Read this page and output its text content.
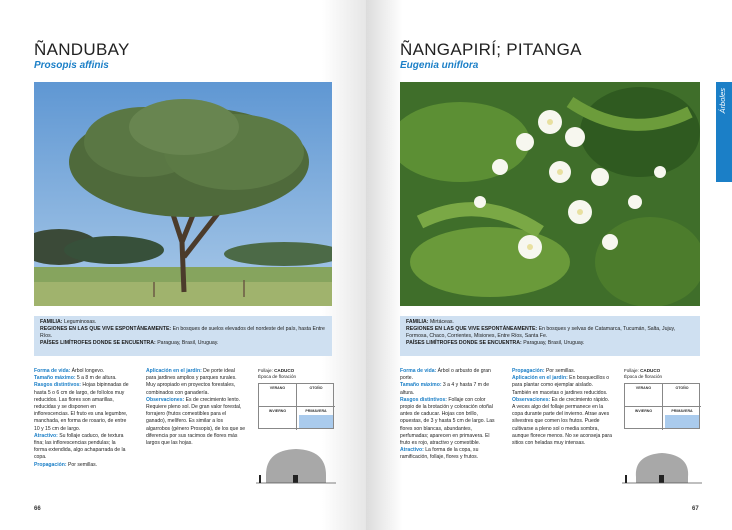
ÑANDUBAY
Prosopis affinis
FAMILIA: Leguminosas.
REGIONES EN LAS QUE VIVE ESPONTÁNEAMENTE: En bosques de suelos elevados del nordeste del país, hasta Entre Ríos.
PAÍSES LIMÍTROFES DONDE SE ENCUENTRA: Paraguay, Brasil, Uruguay.
Forma de vida: Árbol longevo.
Tamaño máximo: 5 a 8 m de altura.
Rasgos distintivos: Hojas bipinnadas de hasta 5 o 6 cm de largo, de folíolos muy reducidos. Las flores son amarillas, reducidas y se disponen en inflorescencias. El fruto es una legumbre, manchada, en forma de rosario, de entre 10 y 15 cm de largo.
Atractivo: Su follaje caduco, de textura fina; las inflorescencias pendulas; la forma extendida, algo achaparrada de la copa.
Propagación: Por semillas.
Aplicación en el jardín: De porte ideal para jardines amplios y parques rurales. Muy apropiado en proyectos forestales, combinados con ganadería.
Observaciones: Es de crecimiento lento. Requiere pleno sol. De gran valor forestal, forrajero (frutos comestibles para el ganado), melífero. Es similar a los algarrobos (género Prosopis), de los que se diferencia por sus racimos de flores más largos que las hojas.
Follaje: CADUCO
Época de floración
VERANO	OTOÑO
INVIERNO	PRIMAVERA
66
ÑANGAPIRÍ; PITANGA
Eugenia uniflora
FAMILIA: Mirtáceas.
REGIONES EN LAS QUE VIVE ESPONTÁNEAMENTE: En bosques y selvas de Catamarca, Tucumán, Salta, Jujuy, Formosa, Chaco, Corrientes, Misiones, Entre Ríos, Santa Fe.
PAÍSES LIMÍTROFES DONDE SE ENCUENTRA: Paraguay, Brasil, Uruguay.
Forma de vida: Árbol o arbusto de gran porte.
Tamaño máximo: 3 a 4 y hasta 7 m de altura.
Rasgos distintivos: Follaje con color propio de la brotación y coloración otoñal antes de caducar. Hojas con brillo, opuestas, de 3 y hasta 5 cm de largo. Las flores son blancas, abundantes, perfumadas; aparecen en primavera. El fruto es rojo, atractivo y comestible.
Atractivo: La forma de la copa, su ramificación, follaje, flores y frutos.
Propagación: Por semillas.
Aplicación en el jardín: En bosquecillos o para plantar como ejemplar aislado. También en macetas o jardines reducidos.
Observaciones: Es de crecimiento rápido. A veces algo del follaje permanece en la copa durante parte del invierno. Atrae aves silvestres que comen los frutos. Puede cultivarse a pleno sol o media sombra, aunque florece menos. No se aconseja para sitios con heladas muy intensas.
Follaje: CADUCO
Época de floración
VERANO	OTOÑO
INVIERNO	PRIMAVERA
67
Árboles
